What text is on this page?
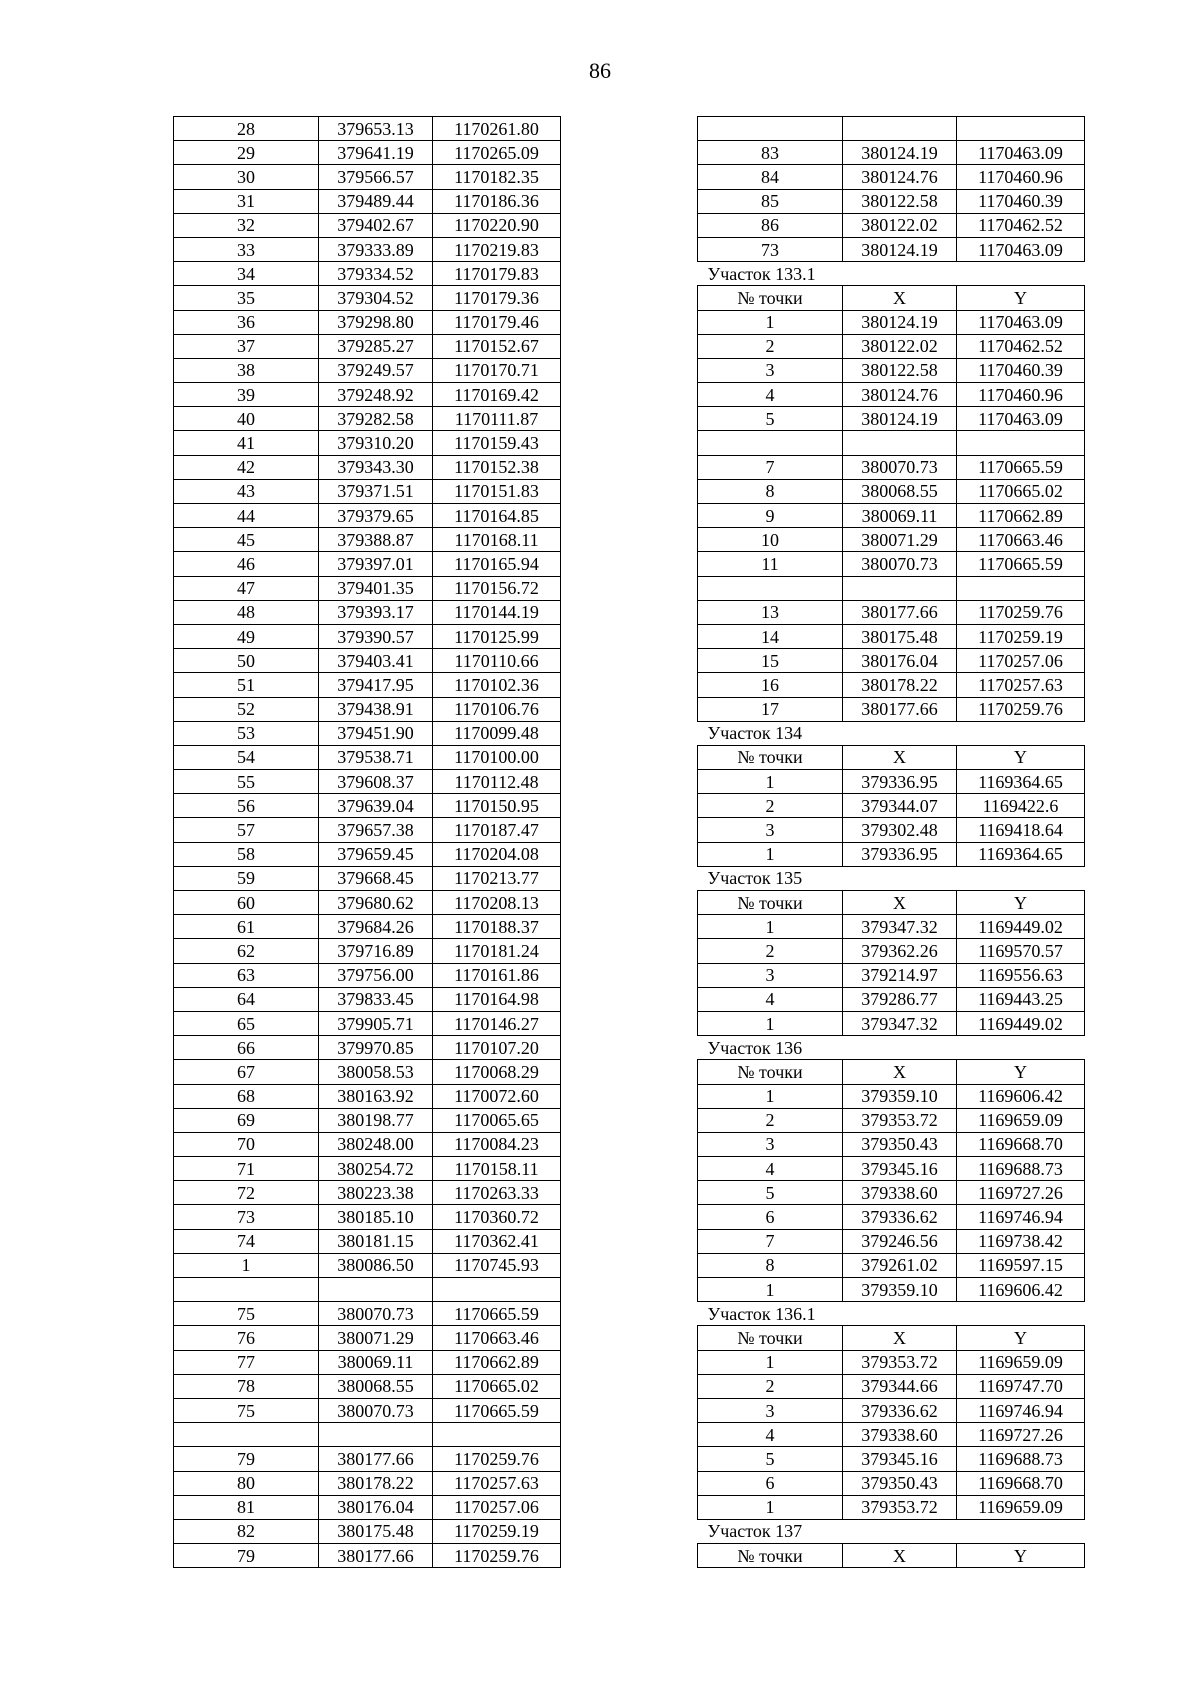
86
28	379653.13	1170261.80
29	379641.19	1170265.09
30	379566.57	1170182.35
31	379489.44	1170186.36
32	379402.67	1170220.90
33	379333.89	1170219.83
34	379334.52	1170179.83
35	379304.52	1170179.36
36	379298.80	1170179.46
37	379285.27	1170152.67
38	379249.57	1170170.71
39	379248.92	1170169.42
40	379282.58	1170111.87
41	379310.20	1170159.43
42	379343.30	1170152.38
43	379371.51	1170151.83
44	379379.65	1170164.85
45	379388.87	1170168.11
46	379397.01	1170165.94
47	379401.35	1170156.72
48	379393.17	1170144.19
49	379390.57	1170125.99
50	379403.41	1170110.66
51	379417.95	1170102.36
52	379438.91	1170106.76
53	379451.90	1170099.48
54	379538.71	1170100.00
55	379608.37	1170112.48
56	379639.04	1170150.95
57	379657.38	1170187.47
58	379659.45	1170204.08
59	379668.45	1170213.77
60	379680.62	1170208.13
61	379684.26	1170188.37
62	379716.89	1170181.24
63	379756.00	1170161.86
64	379833.45	1170164.98
65	379905.71	1170146.27
66	379970.85	1170107.20
67	380058.53	1170068.29
68	380163.92	1170072.60
69	380198.77	1170065.65
70	380248.00	1170084.23
71	380254.72	1170158.11
72	380223.38	1170263.33
73	380185.10	1170360.72
74	380181.15	1170362.41
1	380086.50	1170745.93

75	380070.73	1170665.59
76	380071.29	1170663.46
77	380069.11	1170662.89
78	380068.55	1170665.02
75	380070.73	1170665.59

79	380177.66	1170259.76
80	380178.22	1170257.63
81	380176.04	1170257.06
82	380175.48	1170259.19
79	380177.66	1170259.76

83	380124.19	1170463.09
84	380124.76	1170460.96
85	380122.58	1170460.39
86	380122.02	1170462.52
73	380124.19	1170463.09
Участок 133.1		
№ точки	X	Y
1	380124.19	1170463.09
2	380122.02	1170462.52
3	380122.58	1170460.39
4	380124.76	1170460.96
5	380124.19	1170463.09

7	380070.73	1170665.59
8	380068.55	1170665.02
9	380069.11	1170662.89
10	380071.29	1170663.46
11	380070.73	1170665.59

13	380177.66	1170259.76
14	380175.48	1170259.19
15	380176.04	1170257.06
16	380178.22	1170257.63
17	380177.66	1170259.76
Участок 134		
№ точки	X	Y
1	379336.95	1169364.65
2	379344.07	1169422.6
3	379302.48	1169418.64
1	379336.95	1169364.65
Участок 135		
№ точки	X	Y
1	379347.32	1169449.02
2	379362.26	1169570.57
3	379214.97	1169556.63
4	379286.77	1169443.25
1	379347.32	1169449.02
Участок 136		
№ точки	X	Y
1	379359.10	1169606.42
2	379353.72	1169659.09
3	379350.43	1169668.70
4	379345.16	1169688.73
5	379338.60	1169727.26
6	379336.62	1169746.94
7	379246.56	1169738.42
8	379261.02	1169597.15
1	379359.10	1169606.42
Участок 136.1		
№ точки	X	Y
1	379353.72	1169659.09
2	379344.66	1169747.70
3	379336.62	1169746.94
4	379338.60	1169727.26
5	379345.16	1169688.73
6	379350.43	1169668.70
1	379353.72	1169659.09
Участок 137		
№ точки	X	Y
